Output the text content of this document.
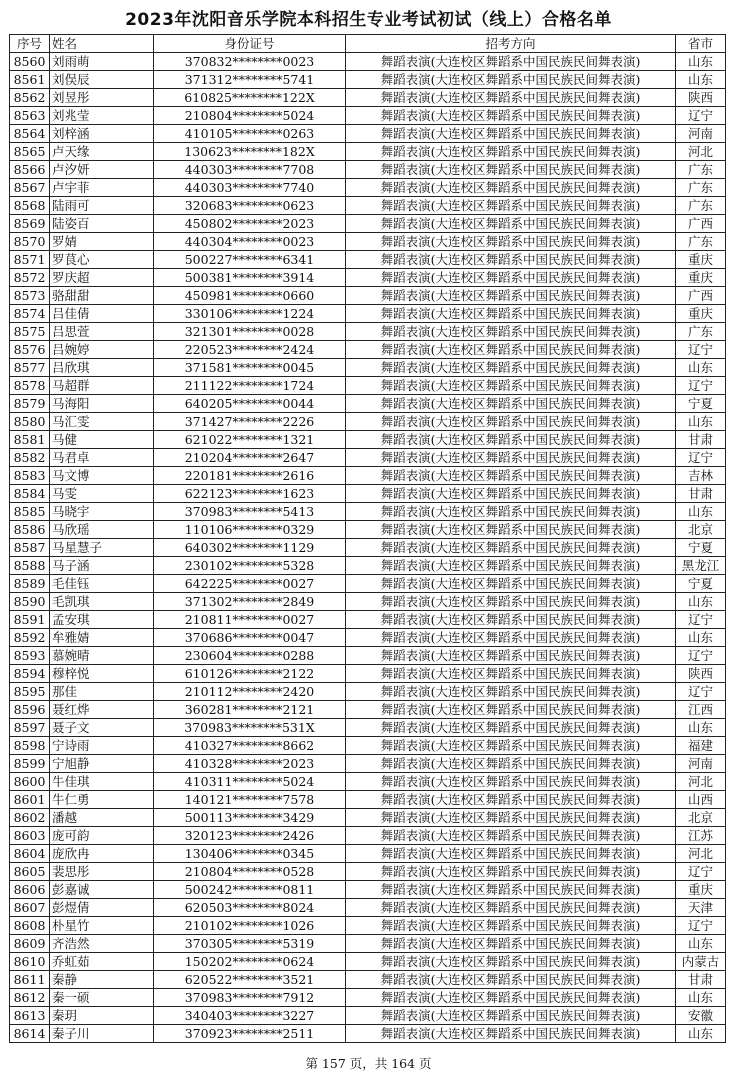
2023年沈阳音乐学院本科招生专业考试初试（线上）合格名单
序号	姓名	身份证号	招考方向	省市
8560	刘雨萌	370832********0023	舞蹈表演(大连校区舞蹈系中国民族民间舞表演)	山东
8561	刘俣辰	371312********5741	舞蹈表演(大连校区舞蹈系中国民族民间舞表演)	山东
8562	刘昱彤	610825********122X	舞蹈表演(大连校区舞蹈系中国民族民间舞表演)	陕西
8563	刘兆莹	210804********5024	舞蹈表演(大连校区舞蹈系中国民族民间舞表演)	辽宁
8564	刘梓涵	410105********0263	舞蹈表演(大连校区舞蹈系中国民族民间舞表演)	河南
8565	卢天缘	130623********182X	舞蹈表演(大连校区舞蹈系中国民族民间舞表演)	河北
8566	卢汐妍	440303********7708	舞蹈表演(大连校区舞蹈系中国民族民间舞表演)	广东
8567	卢宇菲	440303********7740	舞蹈表演(大连校区舞蹈系中国民族民间舞表演)	广东
8568	陆雨可	320683********0623	舞蹈表演(大连校区舞蹈系中国民族民间舞表演)	广东
8569	陆姿百	450802********2023	舞蹈表演(大连校区舞蹈系中国民族民间舞表演)	广西
8570	罗婧	440304********0023	舞蹈表演(大连校区舞蹈系中国民族民间舞表演)	广东
8571	罗茛心	500227********6341	舞蹈表演(大连校区舞蹈系中国民族民间舞表演)	重庆
8572	罗庆超	500381********3914	舞蹈表演(大连校区舞蹈系中国民族民间舞表演)	重庆
8573	骆甜甜	450981********0660	舞蹈表演(大连校区舞蹈系中国民族民间舞表演)	广西
8574	吕佳倩	330106********1224	舞蹈表演(大连校区舞蹈系中国民族民间舞表演)	重庆
8575	吕思萱	321301********0028	舞蹈表演(大连校区舞蹈系中国民族民间舞表演)	广东
8576	吕婉婷	220523********2424	舞蹈表演(大连校区舞蹈系中国民族民间舞表演)	辽宁
8577	吕欣琪	371581********0045	舞蹈表演(大连校区舞蹈系中国民族民间舞表演)	山东
8578	马超群	211122********1724	舞蹈表演(大连校区舞蹈系中国民族民间舞表演)	辽宁
8579	马海阳	640205********0044	舞蹈表演(大连校区舞蹈系中国民族民间舞表演)	宁夏
8580	马汇雯	371427********2226	舞蹈表演(大连校区舞蹈系中国民族民间舞表演)	山东
8581	马健	621022********1321	舞蹈表演(大连校区舞蹈系中国民族民间舞表演)	甘肃
8582	马君卓	210204********2647	舞蹈表演(大连校区舞蹈系中国民族民间舞表演)	辽宁
8583	马文博	220181********2616	舞蹈表演(大连校区舞蹈系中国民族民间舞表演)	吉林
8584	马雯	622123********1623	舞蹈表演(大连校区舞蹈系中国民族民间舞表演)	甘肃
8585	马晓宇	370983********5413	舞蹈表演(大连校区舞蹈系中国民族民间舞表演)	山东
8586	马欣瑶	110106********0329	舞蹈表演(大连校区舞蹈系中国民族民间舞表演)	北京
8587	马星慧子	640302********1129	舞蹈表演(大连校区舞蹈系中国民族民间舞表演)	宁夏
8588	马子涵	230102********5328	舞蹈表演(大连校区舞蹈系中国民族民间舞表演)	黑龙江
8589	毛佳钰	642225********0027	舞蹈表演(大连校区舞蹈系中国民族民间舞表演)	宁夏
8590	毛凯琪	371302********2849	舞蹈表演(大连校区舞蹈系中国民族民间舞表演)	山东
8591	孟安琪	210811********0027	舞蹈表演(大连校区舞蹈系中国民族民间舞表演)	辽宁
8592	牟雅婧	370686********0047	舞蹈表演(大连校区舞蹈系中国民族民间舞表演)	山东
8593	慕婉晴	230604********0288	舞蹈表演(大连校区舞蹈系中国民族民间舞表演)	辽宁
8594	穆梓悦	610126********2122	舞蹈表演(大连校区舞蹈系中国民族民间舞表演)	陕西
8595	那佳	210112********2420	舞蹈表演(大连校区舞蹈系中国民族民间舞表演)	辽宁
8596	聂红烨	360281********2121	舞蹈表演(大连校区舞蹈系中国民族民间舞表演)	江西
8597	聂子文	370983********531X	舞蹈表演(大连校区舞蹈系中国民族民间舞表演)	山东
8598	宁诗雨	410327********8662	舞蹈表演(大连校区舞蹈系中国民族民间舞表演)	福建
8599	宁旭静	410328********2023	舞蹈表演(大连校区舞蹈系中国民族民间舞表演)	河南
8600	牛佳琪	410311********5024	舞蹈表演(大连校区舞蹈系中国民族民间舞表演)	河北
8601	牛仁勇	140121********7578	舞蹈表演(大连校区舞蹈系中国民族民间舞表演)	山西
8602	潘越	500113********3429	舞蹈表演(大连校区舞蹈系中国民族民间舞表演)	北京
8603	庞可韵	320123********2426	舞蹈表演(大连校区舞蹈系中国民族民间舞表演)	江苏
8604	庞欣冉	130406********0345	舞蹈表演(大连校区舞蹈系中国民族民间舞表演)	河北
8605	裴思彤	210804********0528	舞蹈表演(大连校区舞蹈系中国民族民间舞表演)	辽宁
8606	彭嘉诚	500242********0811	舞蹈表演(大连校区舞蹈系中国民族民间舞表演)	重庆
8607	彭煜倩	620503********8024	舞蹈表演(大连校区舞蹈系中国民族民间舞表演)	天津
8608	朴星竹	210102********1026	舞蹈表演(大连校区舞蹈系中国民族民间舞表演)	辽宁
8609	齐浩然	370305********5319	舞蹈表演(大连校区舞蹈系中国民族民间舞表演)	山东
8610	乔虹茹	150202********0624	舞蹈表演(大连校区舞蹈系中国民族民间舞表演)	内蒙古
8611	秦静	620522********3521	舞蹈表演(大连校区舞蹈系中国民族民间舞表演)	甘肃
8612	秦一硕	370983********7912	舞蹈表演(大连校区舞蹈系中国民族民间舞表演)	山东
8613	秦玥	340403********3227	舞蹈表演(大连校区舞蹈系中国民族民间舞表演)	安徽
8614	秦子川	370923********2511	舞蹈表演(大连校区舞蹈系中国民族民间舞表演)	山东
第 157 页，共 164 页
